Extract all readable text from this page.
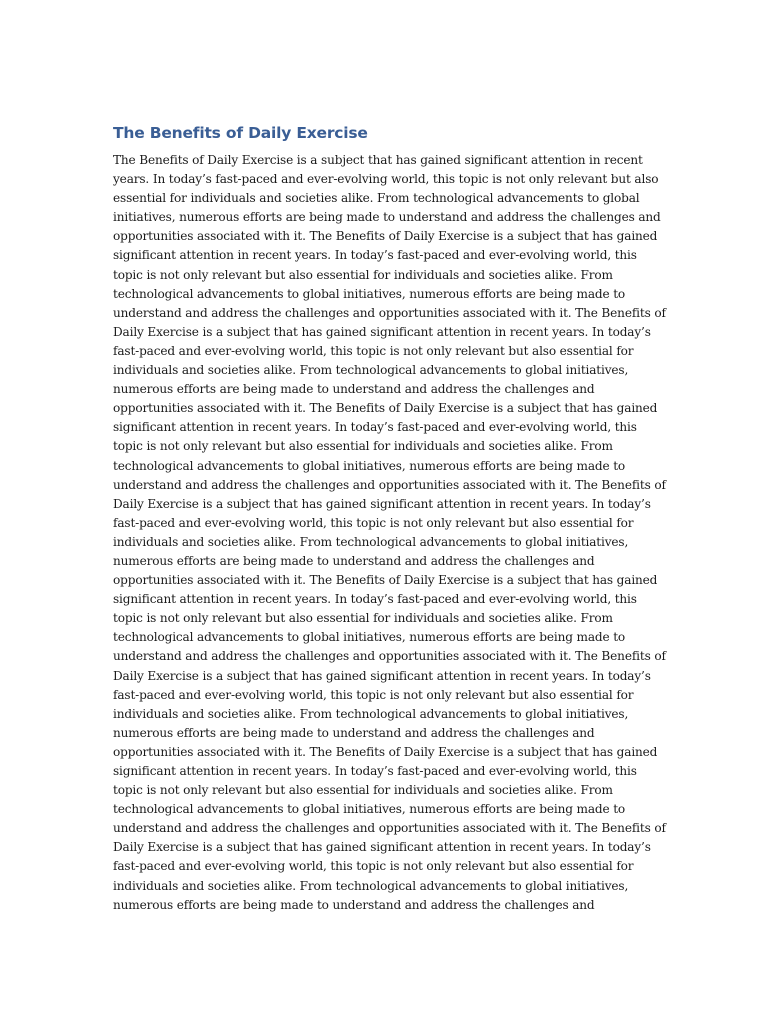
The Benefits of Daily Exercise
The Benefits of Daily Exercise is a subject that has gained significant attention in recent
years. In today’s fast-paced and ever-evolving world, this topic is not only relevant but also
essential for individuals and societies alike. From technological advancements to global
initiatives, numerous efforts are being made to understand and address the challenges and
opportunities associated with it. The Benefits of Daily Exercise is a subject that has gained
significant attention in recent years. In today’s fast-paced and ever-evolving world, this
topic is not only relevant but also essential for individuals and societies alike. From
technological advancements to global initiatives, numerous efforts are being made to
understand and address the challenges and opportunities associated with it. The Benefits of
Daily Exercise is a subject that has gained significant attention in recent years. In today’s
fast-paced and ever-evolving world, this topic is not only relevant but also essential for
individuals and societies alike. From technological advancements to global initiatives,
numerous efforts are being made to understand and address the challenges and
opportunities associated with it. The Benefits of Daily Exercise is a subject that has gained
significant attention in recent years. In today’s fast-paced and ever-evolving world, this
topic is not only relevant but also essential for individuals and societies alike. From
technological advancements to global initiatives, numerous efforts are being made to
understand and address the challenges and opportunities associated with it. The Benefits of
Daily Exercise is a subject that has gained significant attention in recent years. In today’s
fast-paced and ever-evolving world, this topic is not only relevant but also essential for
individuals and societies alike. From technological advancements to global initiatives,
numerous efforts are being made to understand and address the challenges and
opportunities associated with it. The Benefits of Daily Exercise is a subject that has gained
significant attention in recent years. In today’s fast-paced and ever-evolving world, this
topic is not only relevant but also essential for individuals and societies alike. From
technological advancements to global initiatives, numerous efforts are being made to
understand and address the challenges and opportunities associated with it. The Benefits of
Daily Exercise is a subject that has gained significant attention in recent years. In today’s
fast-paced and ever-evolving world, this topic is not only relevant but also essential for
individuals and societies alike. From technological advancements to global initiatives,
numerous efforts are being made to understand and address the challenges and
opportunities associated with it. The Benefits of Daily Exercise is a subject that has gained
significant attention in recent years. In today’s fast-paced and ever-evolving world, this
topic is not only relevant but also essential for individuals and societies alike. From
technological advancements to global initiatives, numerous efforts are being made to
understand and address the challenges and opportunities associated with it. The Benefits of
Daily Exercise is a subject that has gained significant attention in recent years. In today’s
fast-paced and ever-evolving world, this topic is not only relevant but also essential for
individuals and societies alike. From technological advancements to global initiatives,
numerous efforts are being made to understand and address the challenges and
